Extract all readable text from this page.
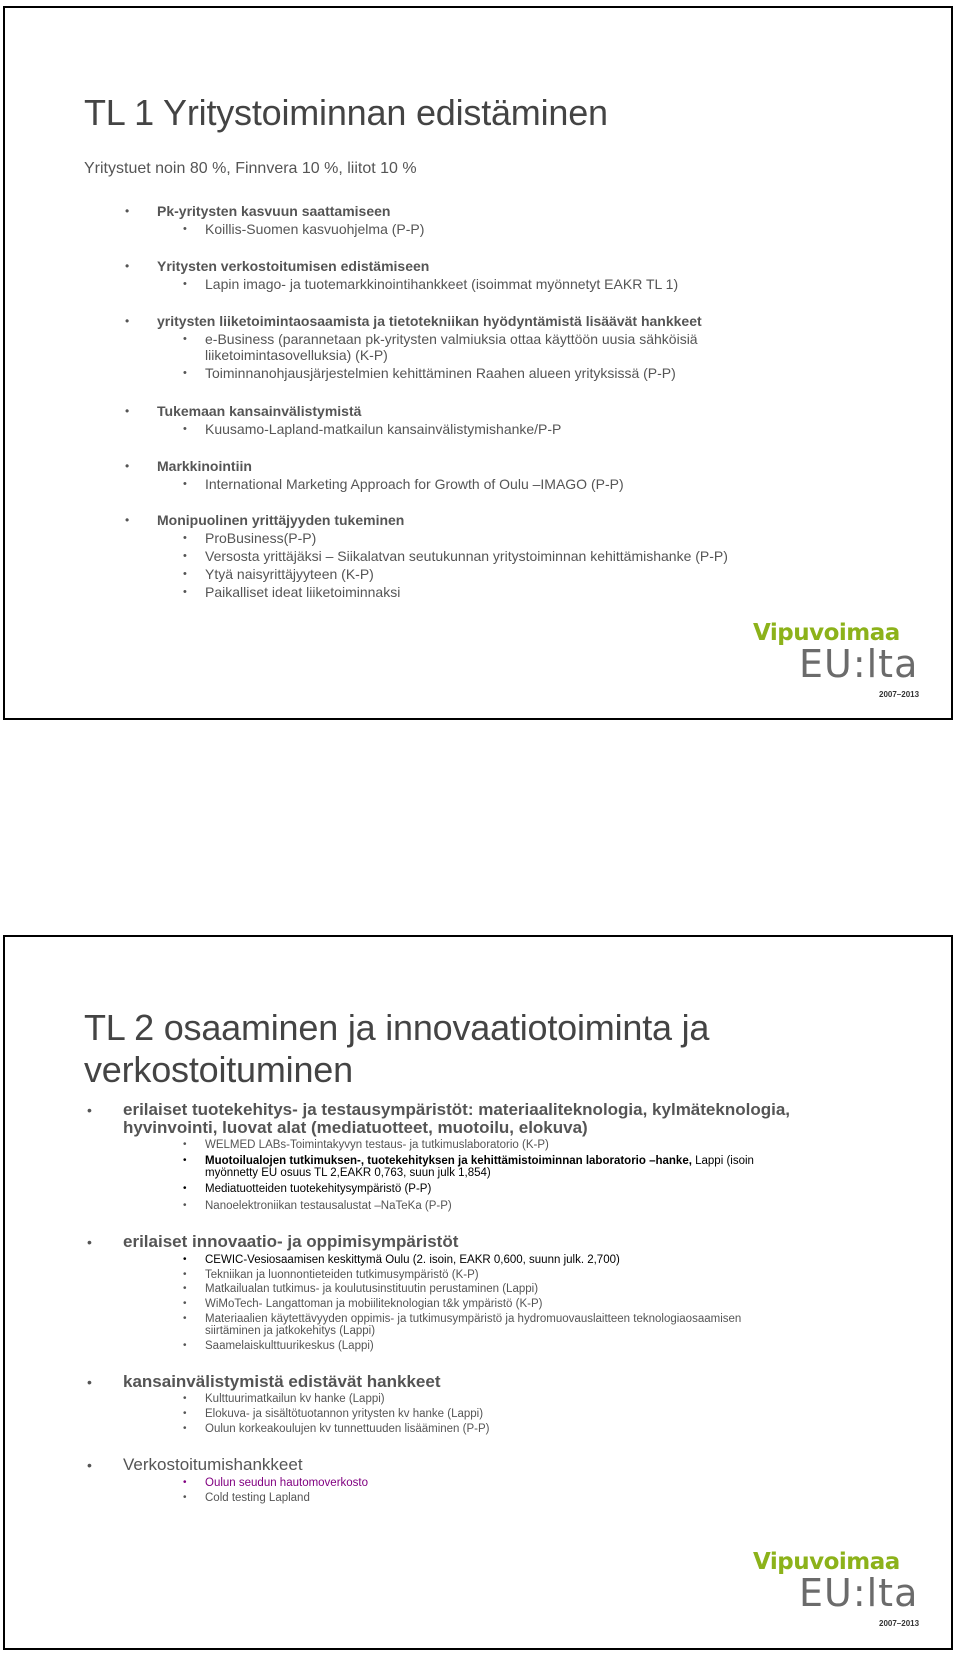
TL 1 Yritystoiminnan edistäminen
Yritystuet noin 80 %, Finnvera 10 %, liitot 10 %
• Pk-yritysten kasvuun saattamiseen
• Koillis-Suomen kasvuohjelma (P-P)
• Yritysten verkostoitumisen edistämiseen
• Lapin imago- ja tuotemarkkinointihankkeet (isoimmat myönnetyt EAKR TL 1)
• yritysten liiketoimintaosaamista ja tietotekniikan hyödyntämistä lisäävät hankkeet
• e-Business (parannetaan pk-yritysten valmiuksia ottaa käyttöön uusia sähköisiä
liiketoimintasovelluksia) (K-P)
• Toiminnanohjausjärjestelmien kehittäminen Raahen alueen yrityksissä (P-P)
• Tukemaan kansainvälistymistä
• Kuusamo-Lapland-matkailun kansainvälistymishanke/P-P
• Markkinointiin
• International Marketing Approach for Growth of Oulu –IMAGO (P-P)
• Monipuolinen yrittäjyyden tukeminen
• ProBusiness(P-P)
• Versosta yrittäjäksi – Siikalatvan seutukunnan yritystoiminnan kehittämishanke (P-P)
• Ytyä naisyrittäjyyteen (K-P)
• Paikalliset ideat liiketoiminnaksi
Vipuvoimaa
EU:lta
2007–2013
TL 2 osaaminen ja innovaatiotoiminta ja
verkostoituminen
• erilaiset tuotekehitys- ja testausympäristöt: materiaaliteknologia, kylmäteknologia,
hyvinvointi, luovat alat (mediatuotteet, muotoilu, elokuva)
• WELMED LABs-Toimintakyvyn testaus- ja tutkimuslaboratorio (K-P)
• Muotoilualojen tutkimuksen-, tuotekehityksen ja kehittämistoiminnan laboratorio –hanke, Lappi (isoin
myönnetty EU osuus TL 2,EAKR 0,763, suun julk 1,854)
• Mediatuotteiden tuotekehitysympäristö (P-P)
• Nanoelektroniikan testausalustat –NaTeKa (P-P)
• erilaiset innovaatio- ja oppimisympäristöt
• CEWIC-Vesiosaamisen keskittymä Oulu (2. isoin, EAKR 0,600, suunn julk. 2,700)
• Tekniikan ja luonnontieteiden tutkimusympäristö (K-P)
• Matkailualan tutkimus- ja koulutusinstituutin perustaminen (Lappi)
• WiMoTech- Langattoman ja mobiiliteknologian t&k ympäristö (K-P)
• Materiaalien käytettävyyden oppimis- ja tutkimusympäristö ja hydromuovauslaitteen teknologiaosaamisen
siirtäminen ja jatkokehitys (Lappi)
• Saamelaiskulttuurikeskus (Lappi)
• kansainvälistymistä edistävät hankkeet
• Kulttuurimatkailun kv hanke (Lappi)
• Elokuva- ja sisältötuotannon yritysten kv hanke (Lappi)
• Oulun korkeakoulujen kv tunnettuuden lisääminen (P-P)
• Verkostoitumishankkeet
• Oulun seudun hautomoverkosto
• Cold testing Lapland
Vipuvoimaa
EU:lta
2007–2013
